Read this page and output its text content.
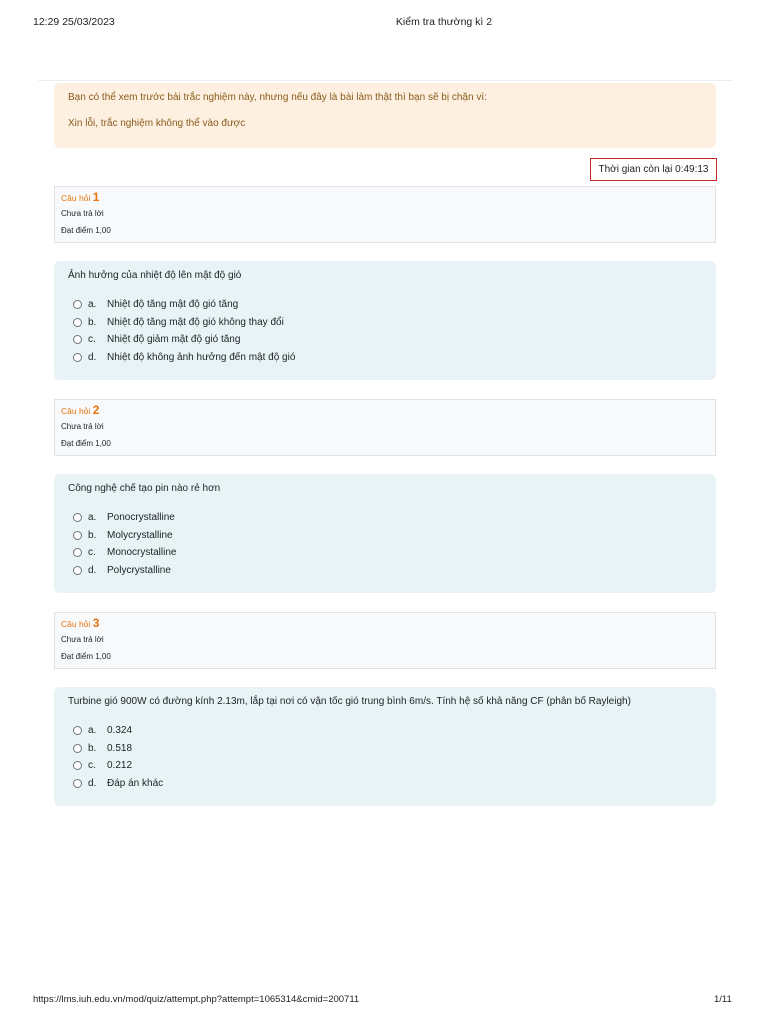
12:29 25/03/2023	Kiểm tra thường kì 2

Bạn có thể xem trước bài trắc nghiệm này, nhưng nếu đây là bài làm thật thì bạn sẽ bị chặn vì:

Xin lỗi, trắc nghiệm không thể vào được

Thời gian còn lại 0:49:13
Câu hỏi 1
Chưa trả lời
Đạt điểm 1,00
Ảnh hưởng của nhiệt độ lên mật độ gió
a.	Nhiệt độ tăng mật độ gió tăng
b.	Nhiệt độ tăng mật độ gió không thay đổi
c.	Nhiệt độ giảm mật độ gió tăng
d.	Nhiệt độ không ảnh hưởng đến mật độ gió
Câu hỏi 2
Chưa trả lời
Đạt điểm 1,00
Công nghệ chế tạo pin nào rẻ hơn
a.	Ponocrystalline
b.	Molycrystalline
c.	Monocrystalline
d.	Polycrystalline
Câu hỏi 3
Chưa trả lời
Đạt điểm 1,00
Turbine gió 900W có đường kính 2.13m, lắp tại nơi có vận tốc gió trung bình 6m/s. Tính hệ số khả năng CF (phân bố Rayleigh)
a.	0.324
b.	0.518
c.	0.212
d.	Đáp án khác
https://lms.iuh.edu.vn/mod/quiz/attempt.php?attempt=1065314&cmid=200711	1/11
